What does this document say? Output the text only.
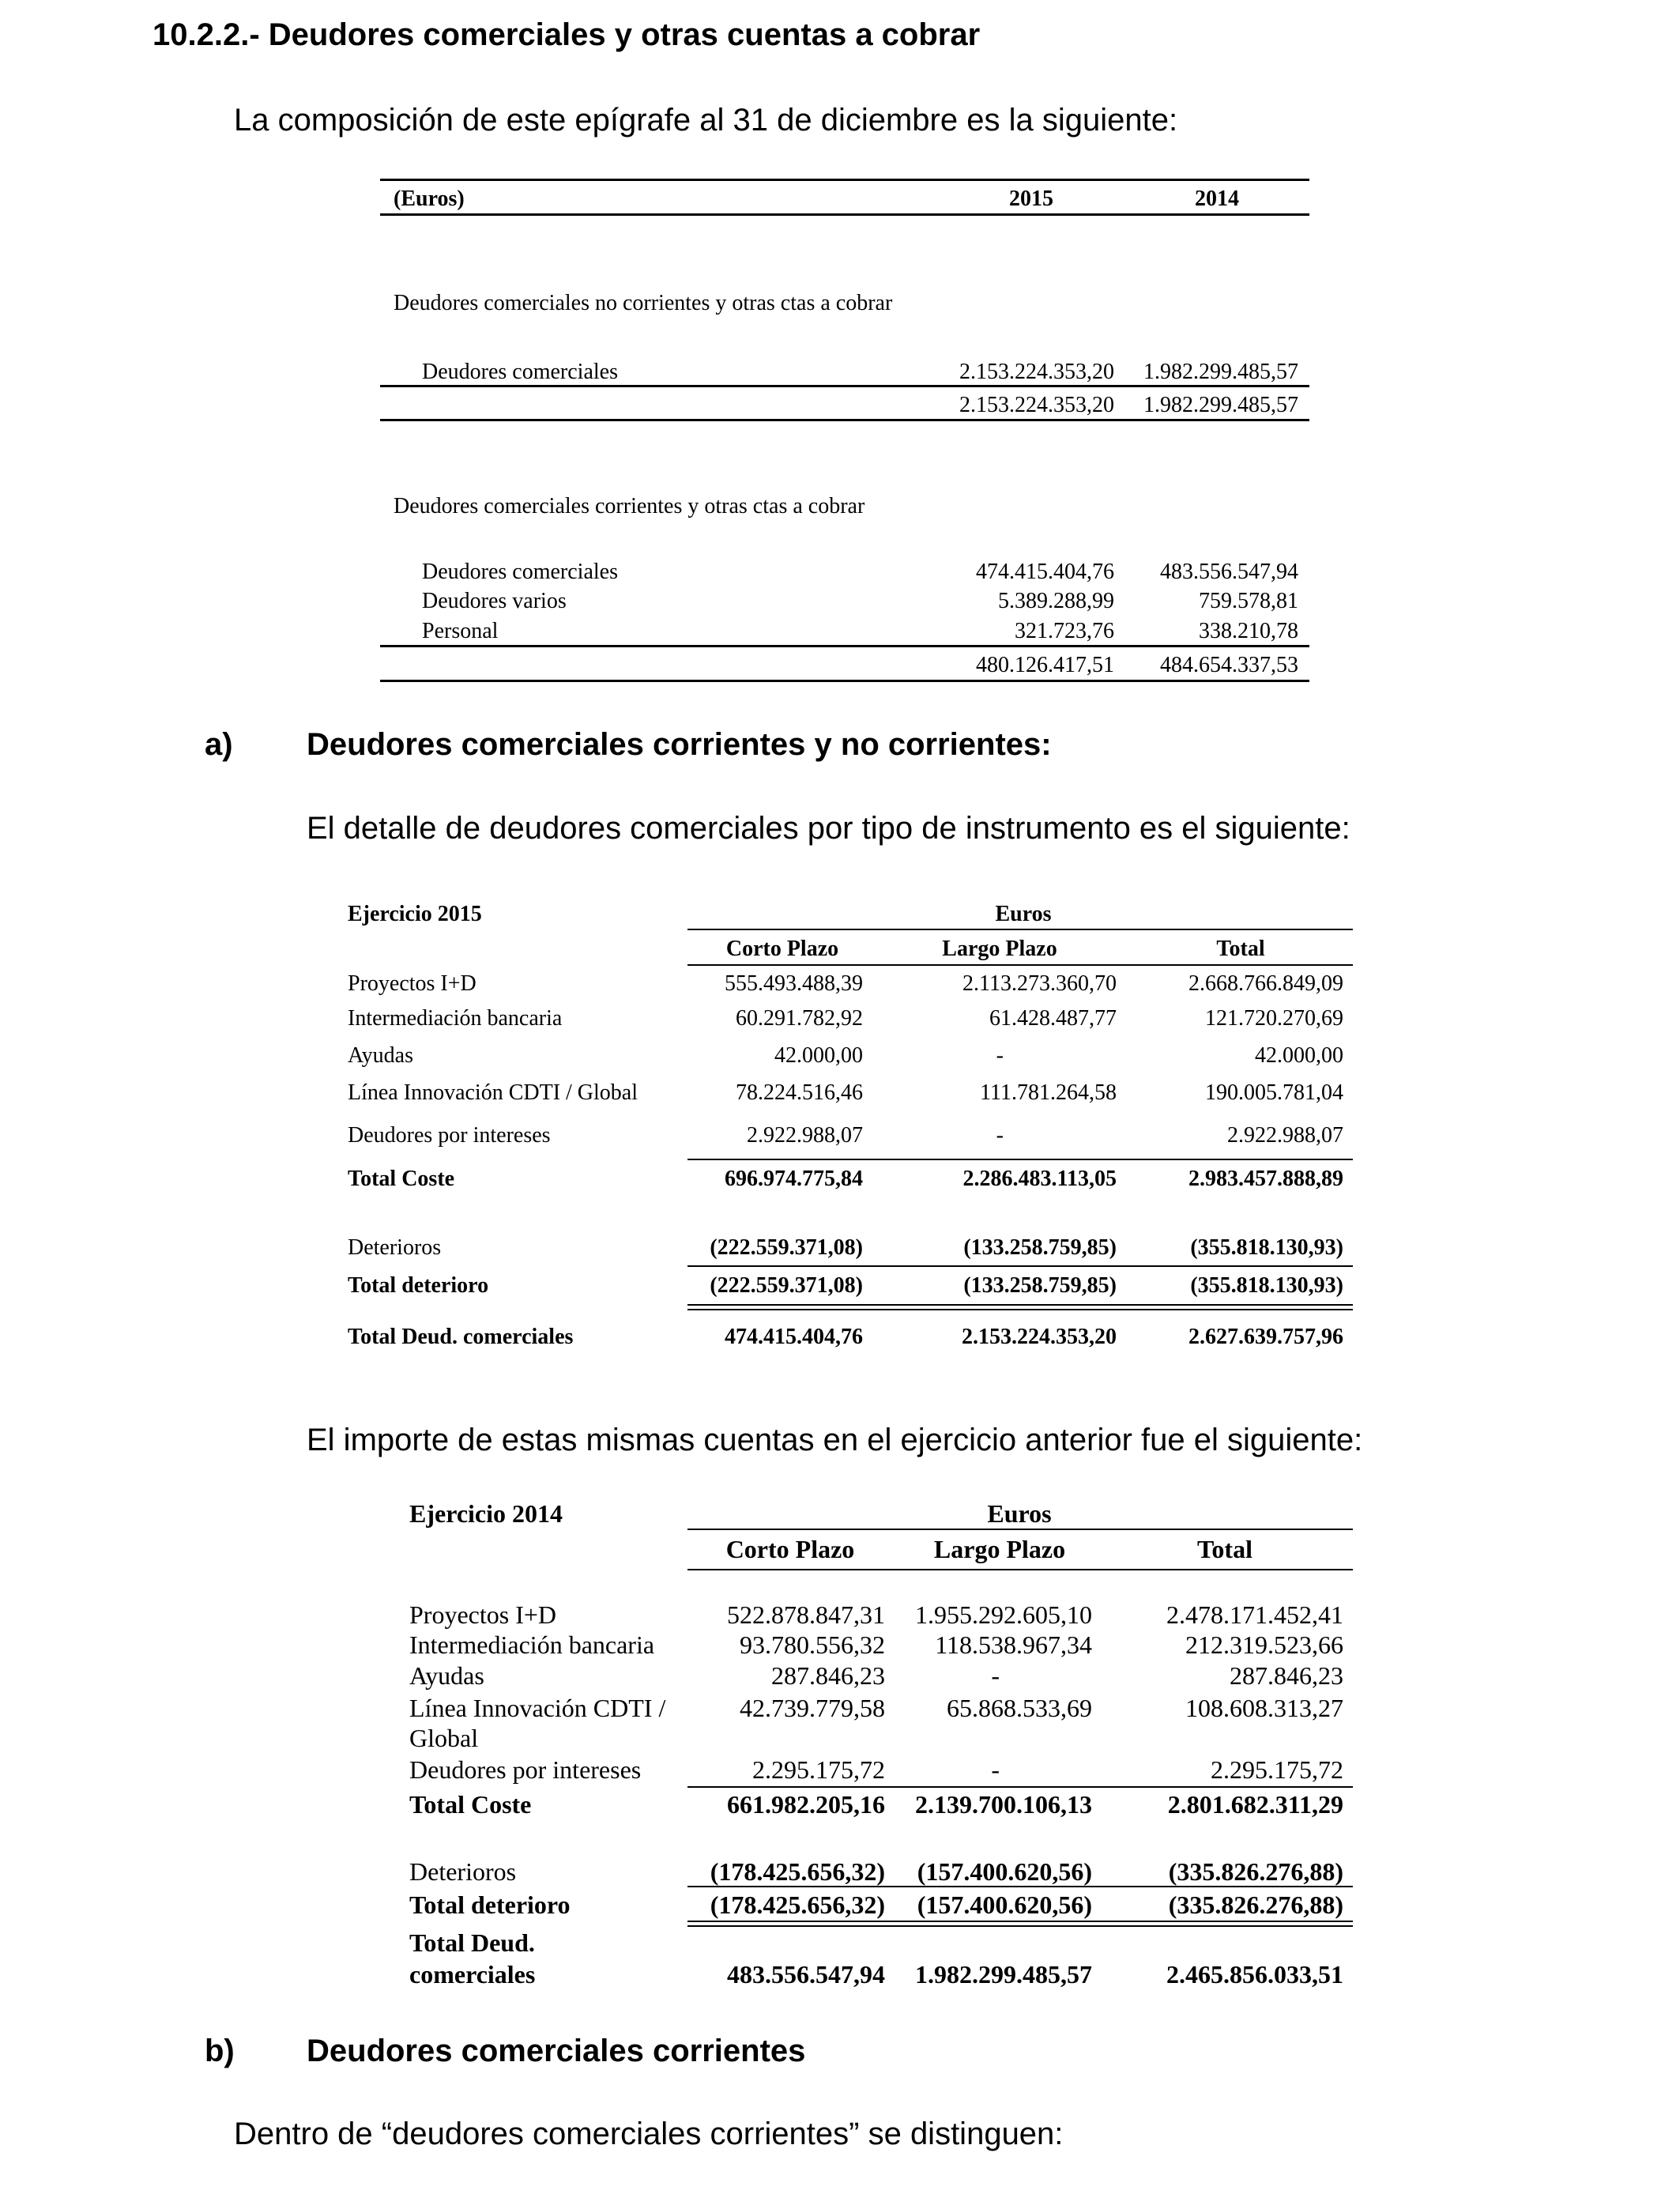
10.2.2.- Deudores comerciales y otras cuentas a cobrar
La composición de este epígrafe al 31 de diciembre es la siguiente:
(Euros)	2015	2014
Deudores comerciales no corrientes y otras ctas a cobrar
Deudores comerciales	2.153.224.353,20	1.982.299.485,57
2.153.224.353,20	1.982.299.485,57
Deudores comerciales corrientes y otras ctas a cobrar
Deudores comerciales	474.415.404,76	483.556.547,94
Deudores varios	5.389.288,99	759.578,81
Personal	321.723,76	338.210,78
480.126.417,51	484.654.337,53
a) Deudores comerciales corrientes y no corrientes:
El detalle de deudores comerciales por tipo de instrumento es el siguiente:
Ejercicio 2015	Euros
Corto Plazo	Largo Plazo	Total
Proyectos I+D	555.493.488,39	2.113.273.360,70	2.668.766.849,09
Intermediación bancaria	60.291.782,92	61.428.487,77	121.720.270,69
Ayudas	42.000,00	-	42.000,00
Línea Innovación CDTI / Global	78.224.516,46	111.781.264,58	190.005.781,04
Deudores por intereses	2.922.988,07	-	2.922.988,07
Total Coste	696.974.775,84	2.286.483.113,05	2.983.457.888,89
Deterioros	(222.559.371,08)	(133.258.759,85)	(355.818.130,93)
Total deterioro	(222.559.371,08)	(133.258.759,85)	(355.818.130,93)
Total Deud. comerciales	474.415.404,76	2.153.224.353,20	2.627.639.757,96
El importe de estas mismas cuentas en el ejercicio anterior fue el siguiente:
Ejercicio 2014	Euros
Corto Plazo	Largo Plazo	Total
Proyectos I+D	522.878.847,31	1.955.292.605,10	2.478.171.452,41
Intermediación bancaria	93.780.556,32	118.538.967,34	212.319.523,66
Ayudas	287.846,23	-	287.846,23
Línea Innovación CDTI /
Global
42.739.779,58	65.868.533,69	108.608.313,27
Deudores por intereses	2.295.175,72	-	2.295.175,72
Total Coste	661.982.205,16	2.139.700.106,13	2.801.682.311,29
Deterioros	(178.425.656,32)	(157.400.620,56)	(335.826.276,88)
Total deterioro	(178.425.656,32)	(157.400.620,56)	(335.826.276,88)
Total Deud.
comerciales	483.556.547,94	1.982.299.485,57	2.465.856.033,51
b) Deudores comerciales corrientes
Dentro de “deudores comerciales corrientes” se distinguen:
